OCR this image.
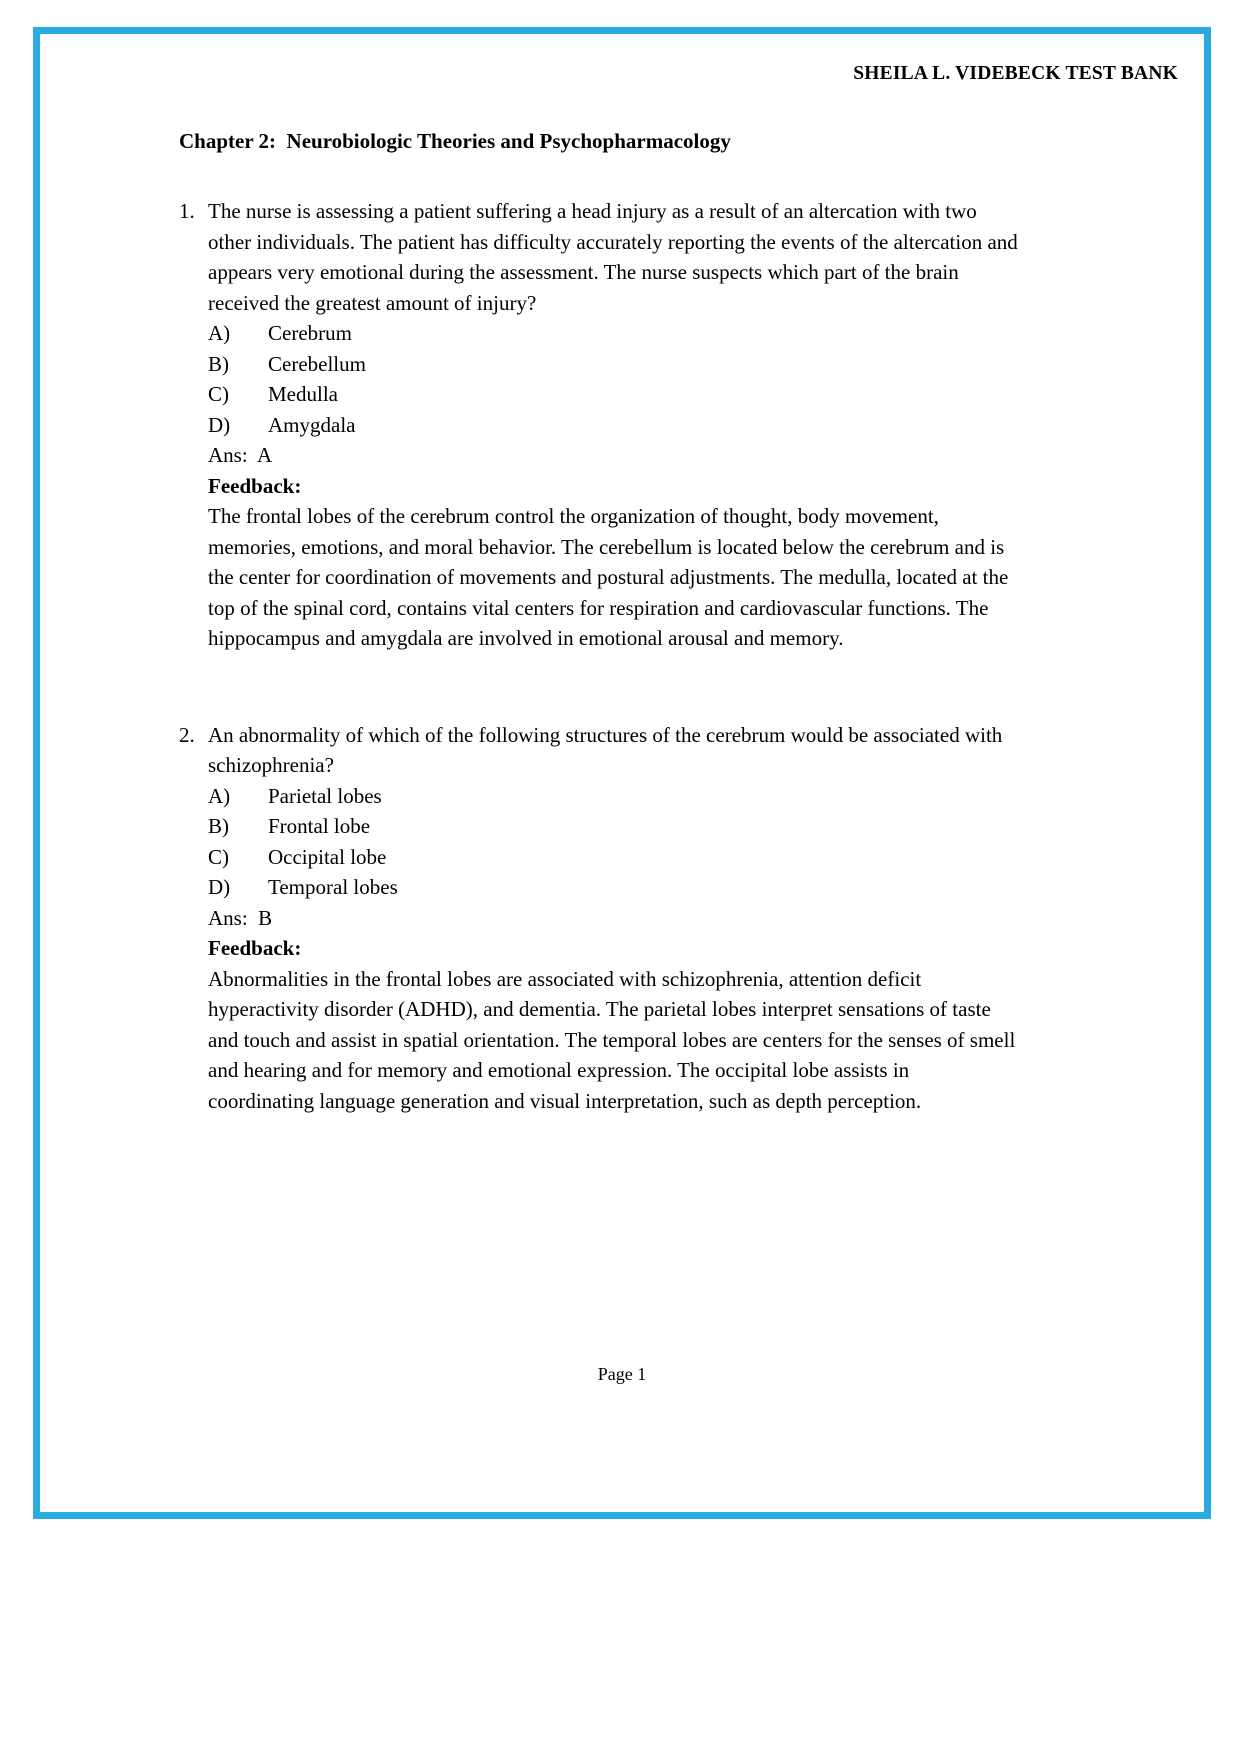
SHEILA L. VIDEBECK TEST BANK
Chapter 2:  Neurobiologic Theories and Psychopharmacology
1. The nurse is assessing a patient suffering a head injury as a result of an altercation with two other individuals. The patient has difficulty accurately reporting the events of the altercation and appears very emotional during the assessment. The nurse suspects which part of the brain received the greatest amount of injury?

A)	Cerebrum
B)	Cerebellum
C)	Medulla
D)	Amygdala
Ans:  A
Feedback:

The frontal lobes of the cerebrum control the organization of thought, body movement, memories, emotions, and moral behavior. The cerebellum is located below the cerebrum and is the center for coordination of movements and postural adjustments. The medulla, located at the top of the spinal cord, contains vital centers for respiration and cardiovascular functions. The hippocampus and amygdala are involved in emotional arousal and memory.

2. An abnormality of which of the following structures of the cerebrum would be associated with schizophrenia?

A)	Parietal lobes
B)	Frontal lobe
C)	Occipital lobe
D)	Temporal lobes
Ans:  B
Feedback:

Abnormalities in the frontal lobes are associated with schizophrenia, attention deficit hyperactivity disorder (ADHD), and dementia. The parietal lobes interpret sensations of taste and touch and assist in spatial orientation. The temporal lobes are centers for the senses of smell and hearing and for memory and emotional expression. The occipital lobe assists in coordinating language generation and visual interpretation, such as depth perception.

Page 1
